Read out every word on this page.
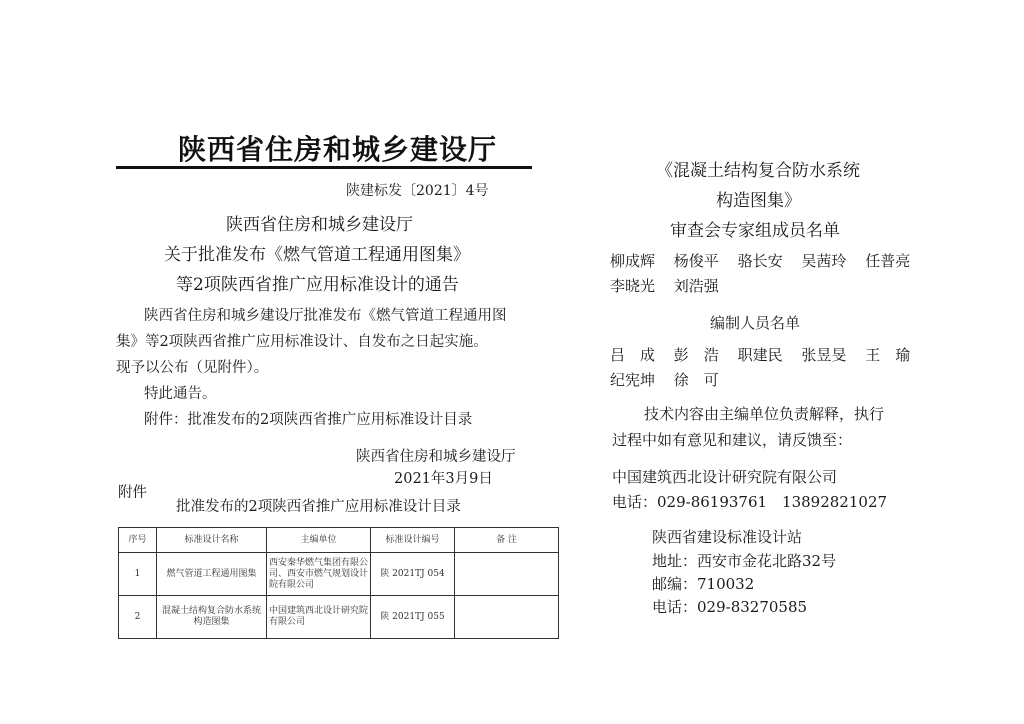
陕西省住房和城乡建设厅
陕建标发〔2021〕4号
陕西省住房和城乡建设厅
关于批准发布《燃气管道工程通用图集》
等2项陕西省推广应用标准设计的通告
陕西省住房和城乡建设厅批准发布《燃气管道工程通用图
集》等2项陕西省推广应用标准设计、自发布之日起实施。
现予以公布（见附件）。
特此通告。
附件：批准发布的2项陕西省推广应用标准设计目录
陕西省住房和城乡建设厅
2021年3月9日
附件
批准发布的2项陕西省推广应用标准设计目录
序号	标准设计名称	主编单位	标准设计编号	备 注
1	燃气管道工程通用图集	西安秦华燃气集团有限公司、西安市燃气规划设计院有限公司	陕 2021TJ 054	
2	混凝土结构复合防水系统构造图集	中国建筑西北设计研究院有限公司	陕 2021TJ 055	
《混凝土结构复合防水系统
构造图集》
审查会专家组成员名单
柳成辉 杨俊平 骆长安 吴茜玲 任普亮
李晓光 刘浩强
编制人员名单
吕　成 彭　浩 职建民 张昱旻 王　瑜
纪宪坤 徐　可
技术内容由主编单位负责解释，执行
过程中如有意见和建议，请反馈至：
中国建筑西北设计研究院有限公司
电话：029-86193761　13892821027
陕西省建设标准设计站
地址：西安市金花北路32号
邮编：710032
电话：029-83270585
